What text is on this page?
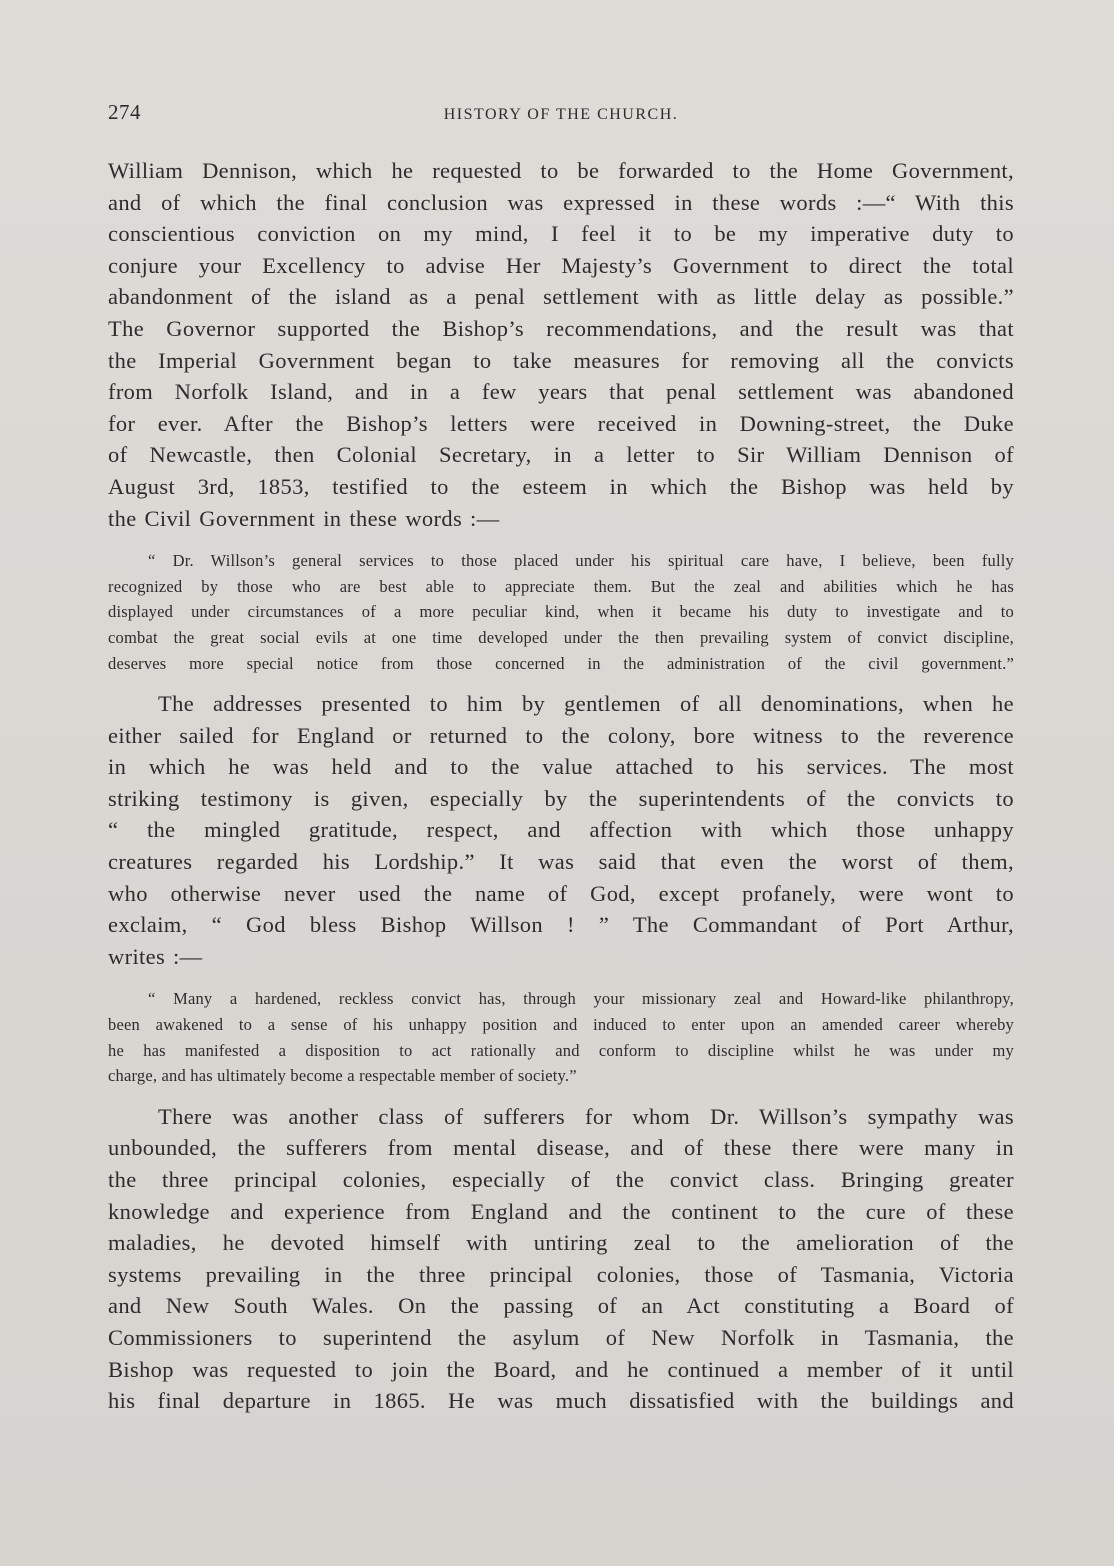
274	HISTORY OF THE CHURCH.

William Dennison, which he requested to be forwarded to the Home Government,
and of which the final conclusion was expressed in these words :—“ With this
conscientious conviction on my mind, I feel it to be my imperative duty to
conjure your Excellency to advise Her Majesty’s Government to direct the total
abandonment of the island as a penal settlement with as little delay as possible.”
The Governor supported the Bishop’s recommendations, and the result was that
the Imperial Government began to take measures for removing all the convicts
from Norfolk Island, and in a few years that penal settlement was abandoned
for ever. After the Bishop’s letters were received in Downing-street, the Duke
of Newcastle, then Colonial Secretary, in a letter to Sir William Dennison of
August 3rd, 1853, testified to the esteem in which the Bishop was held by
the Civil Government in these words :—

“ Dr. Willson’s general services to those placed under his spiritual care have, I believe, been fully
recognized by those who are best able to appreciate them. But the zeal and abilities which he has
displayed under circumstances of a more peculiar kind, when it became his duty to investigate and to
combat the great social evils at one time developed under the then prevailing system of convict discipline,
deserves more special notice from those concerned in the administration of the civil government.”

The addresses presented to him by gentlemen of all denominations, when he
either sailed for England or returned to the colony, bore witness to the reverence
in which he was held and to the value attached to his services. The most
striking testimony is given, especially by the superintendents of the convicts to
“ the mingled gratitude, respect, and affection with which those unhappy
creatures regarded his Lordship.” It was said that even the worst of them,
who otherwise never used the name of God, except profanely, were wont to
exclaim, “ God bless Bishop Willson ! ” The Commandant of Port Arthur,
writes :—

“ Many a hardened, reckless convict has, through your missionary zeal and Howard-like philanthropy,
been awakened to a sense of his unhappy position and induced to enter upon an amended career whereby
he has manifested a disposition to act rationally and conform to discipline whilst he was under my
charge, and has ultimately become a respectable member of society.”

There was another class of sufferers for whom Dr. Willson’s sympathy was
unbounded, the sufferers from mental disease, and of these there were many in
the three principal colonies, especially of the convict class. Bringing greater
knowledge and experience from England and the continent to the cure of these
maladies, he devoted himself with untiring zeal to the amelioration of the
systems prevailing in the three principal colonies, those of Tasmania, Victoria
and New South Wales. On the passing of an Act constituting a Board of
Commissioners to superintend the asylum of New Norfolk in Tasmania, the
Bishop was requested to join the Board, and he continued a member of it until
his final departure in 1865. He was much dissatisfied with the buildings and
